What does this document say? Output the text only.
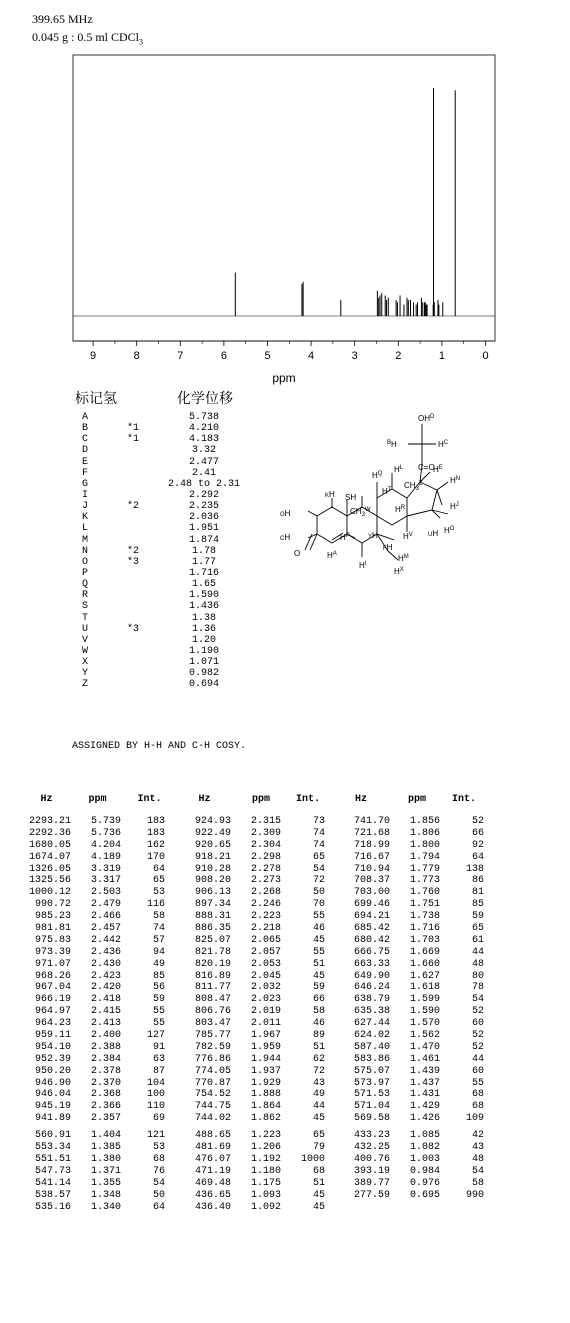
399.65 MHz
0.045 g : 0.5 ml CDCl$_3$
9	8	7	6	5	4	3	2	1	0
ppm
标记氢	化学位移
A	5.738
B	*1	4.210
C	*1	4.183
D	3.32
E	2.477
F	2.41
G	2.48 to 2.31
I	2.292
J	*2	2.235
K	2.036
L	1.951
M	1.874
N	*2	1.78
O	*3	1.77
P	1.716
Q	1.65
R	1.590
S	1.436
T	1.38
U	*3	1.36
V	1.20
W	1.190
X	1.071
Y	0.982
Z	0.694
ASSIGNED BY H-H AND C-H COSY.
$OH^D$
$^B$H	$H^C$
C=O
$H^E$
$H^N$
$H^J$
$H^O$
UH
$H^V$
$H^Q$ $H^L$
$CH_3^Z$
SH
$H^T$
$H^R$
KH
$CH_3^W$
GH
CH	$H^P$	YH
FH
$H^M$
$H^X$
$H^A$
$H^I$
O
Hz	ppm	Int.	Hz	ppm	Int.	Hz	ppm	Int.
2293.21	5.739	183	924.93	2.315	73	741.70	1.856	52
2292.36	5.736	183	922.49	2.309	74	721.68	1.806	66
1680.05	4.204	162	920.65	2.304	74	718.99	1.800	92
1674.07	4.189	170	918.21	2.298	65	716.67	1.794	64
1326.05	3.319	64	910.28	2.278	54	710.94	1.779	138
1325.56	3.317	65	908.20	2.273	72	708.37	1.773	86
1000.12	2.503	53	906.13	2.268	50	703.00	1.760	81
990.72	2.479	116	897.34	2.246	70	699.46	1.751	85
985.23	2.466	58	888.31	2.223	55	694.21	1.738	59
981.81	2.457	74	886.35	2.218	46	685.42	1.716	65
975.83	2.442	57	825.07	2.065	45	680.42	1.703	61
973.39	2.436	94	821.78	2.057	55	666.75	1.669	44
971.07	2.430	49	820.19	2.053	51	663.33	1.660	48
968.26	2.423	85	816.89	2.045	45	649.90	1.627	80
967.04	2.420	56	811.77	2.032	59	646.24	1.618	78
966.19	2.418	59	808.47	2.023	66	638.79	1.599	54
964.97	2.415	55	806.76	2.019	58	635.38	1.590	52
964.23	2.413	55	803.47	2.011	46	627.44	1.570	60
959.11	2.400	127	785.77	1.967	89	624.02	1.562	52
954.10	2.388	91	782.59	1.959	51	587.40	1.470	52
952.39	2.384	63	776.86	1.944	62	583.86	1.461	44
950.20	2.378	87	774.05	1.937	72	575.07	1.439	60
946.90	2.370	104	770.87	1.929	43	573.97	1.437	55
946.04	2.368	100	754.52	1.888	49	571.53	1.431	68
945.19	2.366	110	744.75	1.864	44	571.04	1.429	68
941.89	2.357	69	744.02	1.862	45	569.58	1.426	109
560.91	1.404	121	488.65	1.223	65	433.23	1.085	42
553.34	1.385	53	481.69	1.206	79	432.25	1.082	43
551.51	1.380	68	476.07	1.192	1000	400.76	1.003	48
547.73	1.371	76	471.19	1.180	68	393.19	0.984	54
541.14	1.355	54	469.48	1.175	51	389.77	0.976	58
538.57	1.348	50	436.65	1.093	45	277.59	0.695	990
535.16	1.340	64	436.40	1.092	45
